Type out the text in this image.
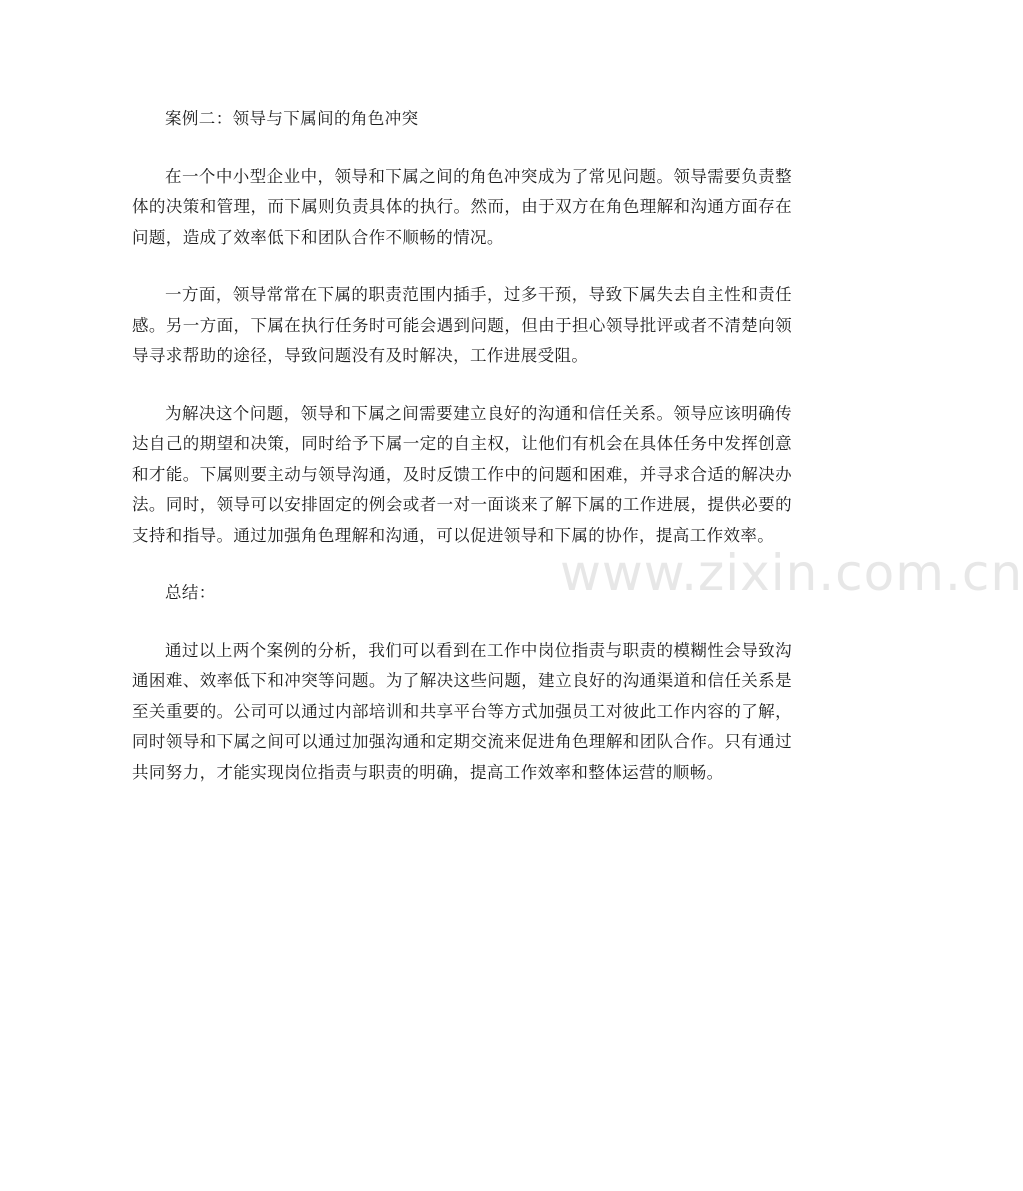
案例二：领导与下属间的角色冲突

在一个中小型企业中，领导和下属之间的角色冲突成为了常见问题。领导需要负责整体的决策和管理，而下属则负责具体的执行。然而，由于双方在角色理解和沟通方面存在问题，造成了效率低下和团队合作不顺畅的情况。

一方面，领导常常在下属的职责范围内插手，过多干预，导致下属失去自主性和责任感。另一方面，下属在执行任务时可能会遇到问题，但由于担心领导批评或者不清楚向领导寻求帮助的途径，导致问题没有及时解决，工作进展受阻。

为解决这个问题，领导和下属之间需要建立良好的沟通和信任关系。领导应该明确传达自己的期望和决策，同时给予下属一定的自主权，让他们有机会在具体任务中发挥创意和才能。下属则要主动与领导沟通，及时反馈工作中的问题和困难，并寻求合适的解决办法。同时，领导可以安排固定的例会或者一对一面谈来了解下属的工作进展，提供必要的支持和指导。通过加强角色理解和沟通，可以促进领导和下属的协作，提高工作效率。

总结：

通过以上两个案例的分析，我们可以看到在工作中岗位指责与职责的模糊性会导致沟通困难、效率低下和冲突等问题。为了解决这些问题，建立良好的沟通渠道和信任关系是至关重要的。公司可以通过内部培训和共享平台等方式加强员工对彼此工作内容的了解，同时领导和下属之间可以通过加强沟通和定期交流来促进角色理解和团队合作。只有通过共同努力，才能实现岗位指责与职责的明确，提高工作效率和整体运营的顺畅。

www.zixin.com.cn
